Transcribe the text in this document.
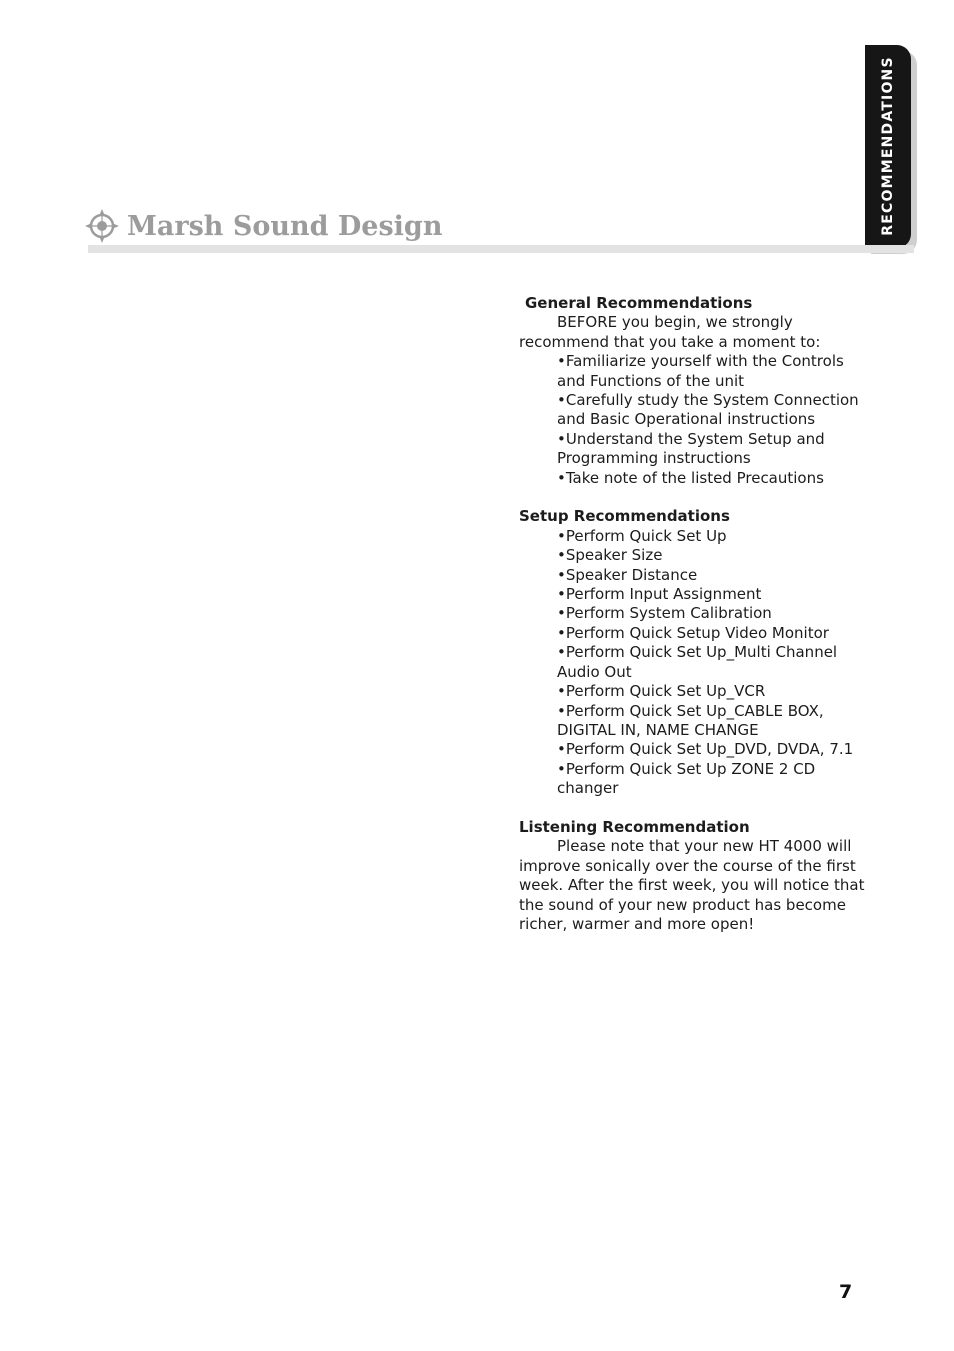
RECOMMENDATIONS
Marsh Sound Design
General Recommendations

BEFORE you begin, we strongly recommend that you take a moment to:

•Familiarize yourself with the Controls and Functions of the unit
•Carefully study the System Connection and Basic Operational instructions
•Understand the System Setup and Programming instructions
•Take note of the listed Precautions
Setup Recommendations
•Perform Quick Set Up
•Speaker Size
•Speaker Distance
•Perform Input Assignment
•Perform System Calibration
•Perform Quick Setup Video Monitor
•Perform Quick Set Up_Multi Channel Audio Out
•Perform Quick Set Up_VCR
•Perform Quick Set Up_CABLE BOX, DIGITAL IN, NAME CHANGE
•Perform Quick Set Up_DVD, DVDA, 7.1
•Perform Quick Set Up ZONE 2 CD changer
Listening Recommendation

Please note that your new HT 4000 will improve sonically over the course of the first week. After the first week, you will notice that the sound of your new product has become richer, warmer and more open!

7
